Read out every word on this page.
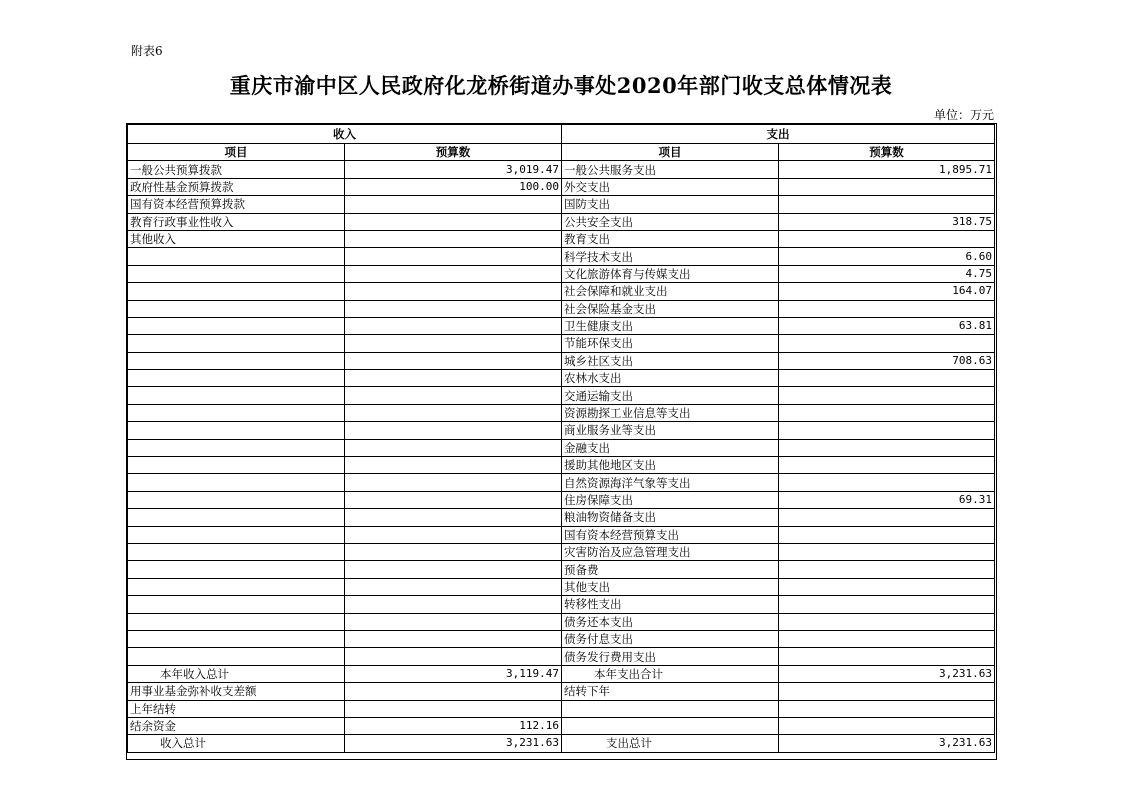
附表6
重庆市渝中区人民政府化龙桥街道办事处2020年部门收支总体情况表
单位：万元
收入		支出	
项目	预算数	项目	预算数
一般公共预算拨款	3,019.47	一般公共服务支出	1,895.71
政府性基金预算拨款	100.00	外交支出	
国有资本经营预算拨款		国防支出	
教育行政事业性收入		公共安全支出	318.75
其他收入		教育支出	
		科学技术支出	6.60
		文化旅游体育与传媒支出	4.75
		社会保障和就业支出	164.07
		社会保险基金支出	
		卫生健康支出	63.81
		节能环保支出	
		城乡社区支出	708.63
		农林水支出	
		交通运输支出	
		资源勘探工业信息等支出	
		商业服务业等支出	
		金融支出	
		援助其他地区支出	
		自然资源海洋气象等支出	
		住房保障支出	69.31
		粮油物资储备支出	
		国有资本经营预算支出	
		灾害防治及应急管理支出	
		预备费	
		其他支出	
		转移性支出	
		债务还本支出	
		债务付息支出	
		债务发行费用支出	
本年收入总计	3,119.47	本年支出合计	3,231.63
用事业基金弥补收支差额		结转下年	
上年结转			
结余资金	112.16		
收入总计	3,231.63	支出总计	3,231.63
